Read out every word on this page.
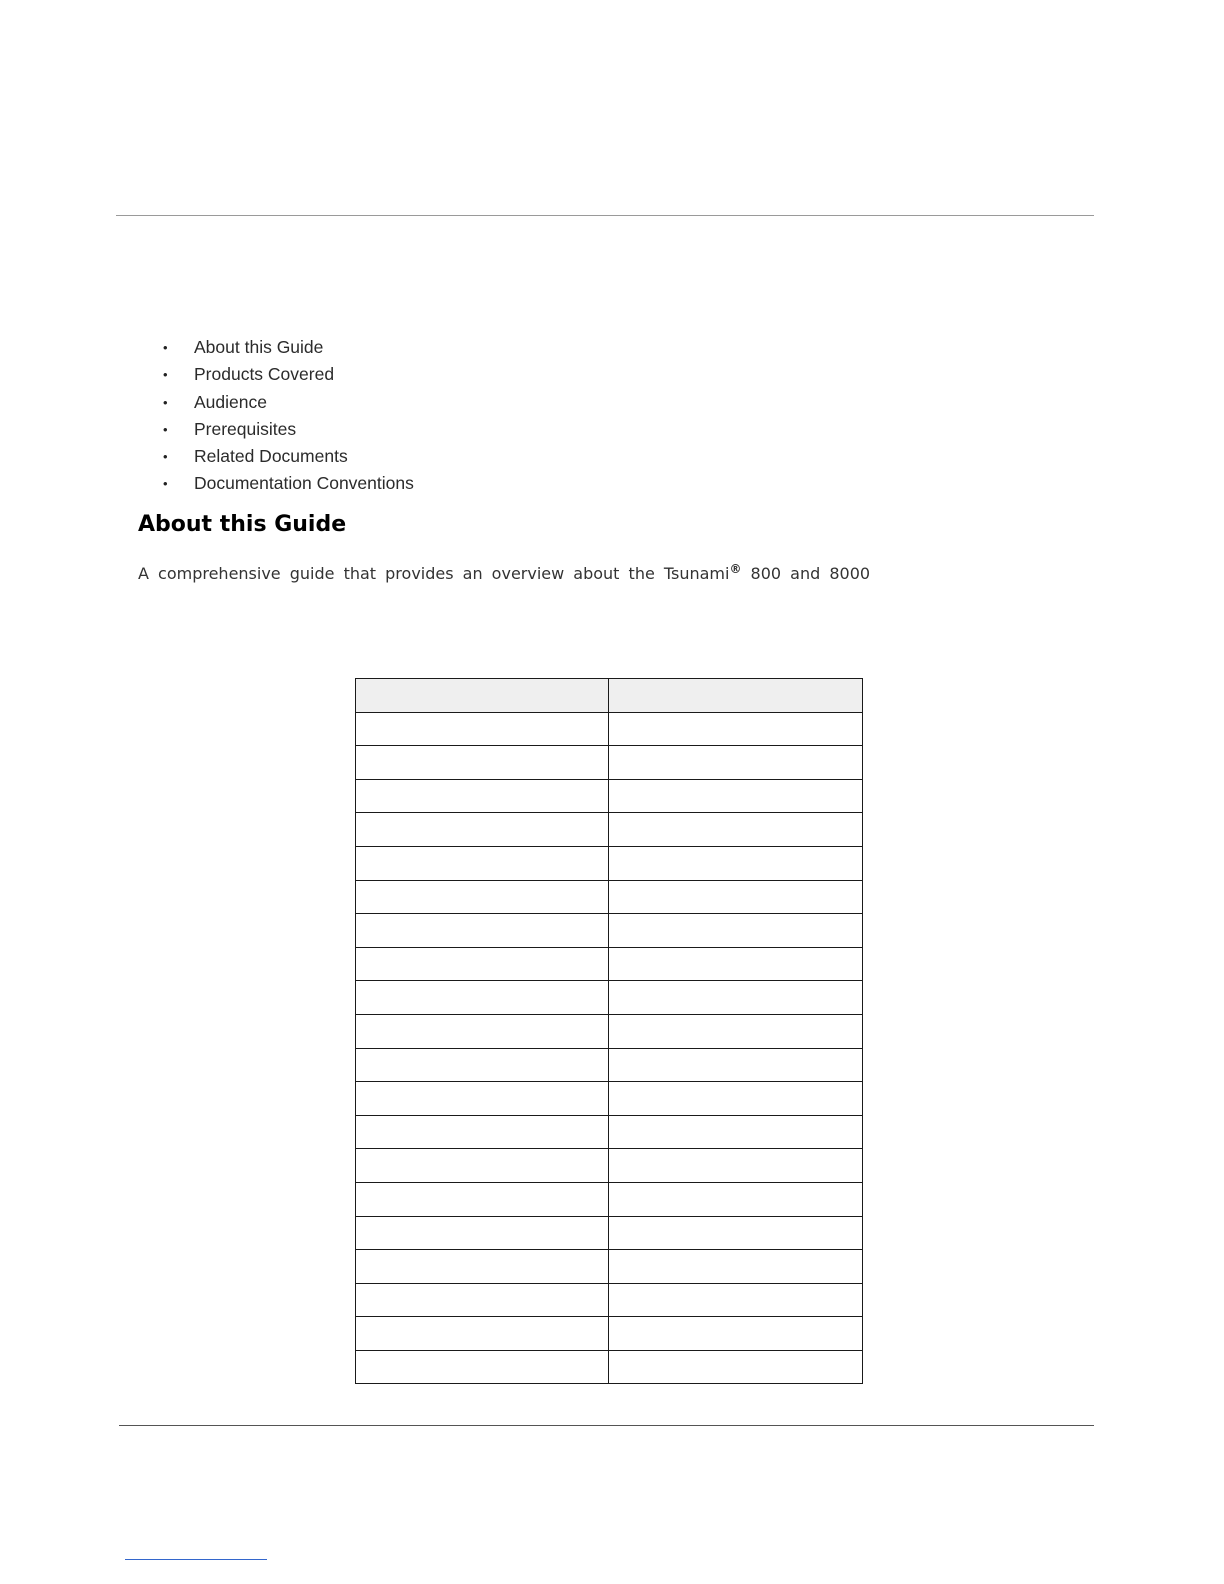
• About this Guide
• Products Covered
• Audience
• Prerequisites
• Related Documents
• Documentation Conventions
About this Guide

A comprehensive guide that provides an overview about the Tsunami® 800 and 8000
